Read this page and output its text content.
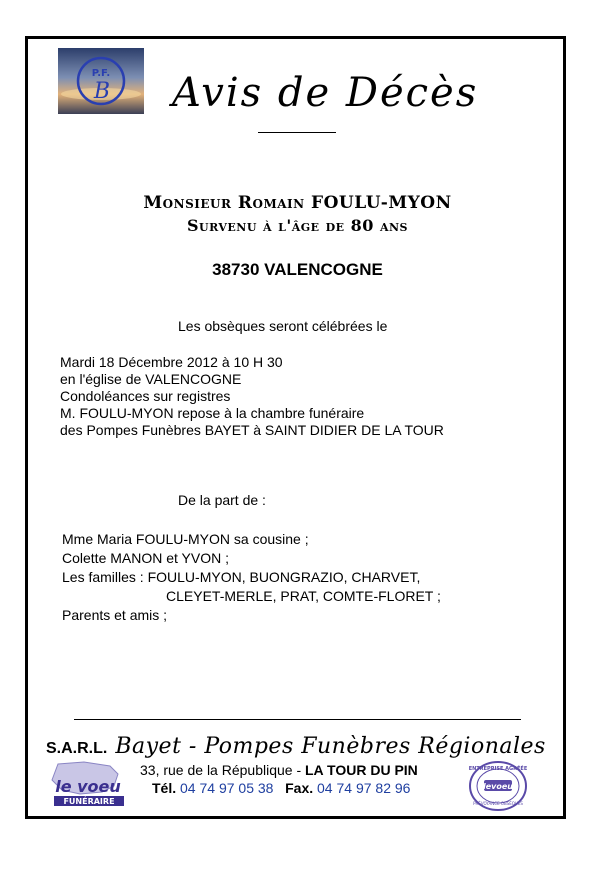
P.F.
B Avis de Décès
Monsieur Romain FOULU-MYON
Survenu à l'âge de 80 ans
38730 VALENCOGNE
Les obsèques seront célébrées le
Mardi 18 Décembre 2012 à 10 H 30
en l'église de VALENCOGNE
Condoléances sur registres
M. FOULU-MYON repose à la chambre funéraire
des Pompes Funèbres BAYET à SAINT DIDIER DE LA TOUR
De la part de :
Mme Maria FOULU-MYON sa cousine ;
Colette MANON et YVON ;
Les familles : FOULU-MYON, BUONGRAZIO, CHARVET,
CLEYET-MERLE, PRAT, COMTE-FLORET ;
Parents et amis ;
S.A.R.L. Bayet - Pompes Funèbres Régionales
33, rue de la République - LA TOUR DU PIN
Tél. 04 74 97 05 38 Fax. 04 74 97 82 96
le voeu
FUNÉRAIRE
ENTREPRISE AGRÉÉE
levoeu
PRÉVOYANCE OBSÈQUES
